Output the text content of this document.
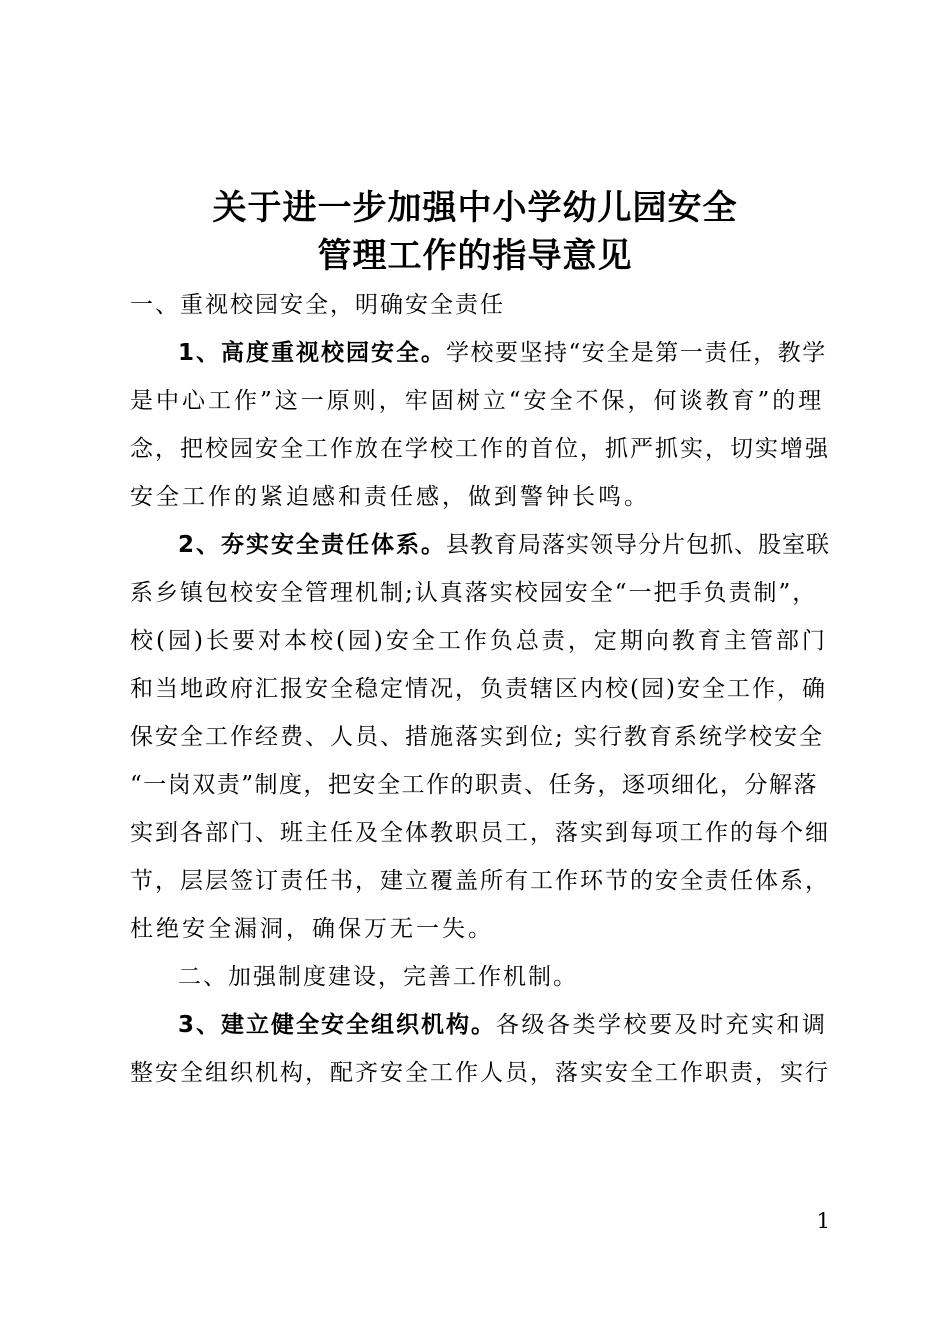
关于进一步加强中小学幼儿园安全
管理工作的指导意见
一、重视校园安全，明确安全责任
1、高度重视校园安全。学校要坚持“安全是第一责任，教学
是中心工作”这一原则，牢固树立“安全不保，何谈教育”的理
念，把校园安全工作放在学校工作的首位，抓严抓实，切实增强
安全工作的紧迫感和责任感，做到警钟长鸣。
2、夯实安全责任体系。县教育局落实领导分片包抓、股室联
系乡镇包校安全管理机制;认真落实校园安全“一把手负责制”，
校(园)长要对本校(园)安全工作负总责，定期向教育主管部门
和当地政府汇报安全稳定情况，负责辖区内校(园)安全工作，确
保安全工作经费、人员、措施落实到位; 实行教育系统学校安全
“一岗双责”制度，把安全工作的职责、任务，逐项细化，分解落
实到各部门、班主任及全体教职员工，落实到每项工作的每个细
节，层层签订责任书，建立覆盖所有工作环节的安全责任体系，
杜绝安全漏洞，确保万无一失。
二、加强制度建设，完善工作机制。
3、建立健全安全组织机构。各级各类学校要及时充实和调
整安全组织机构，配齐安全工作人员，落实安全工作职责，实行
1
